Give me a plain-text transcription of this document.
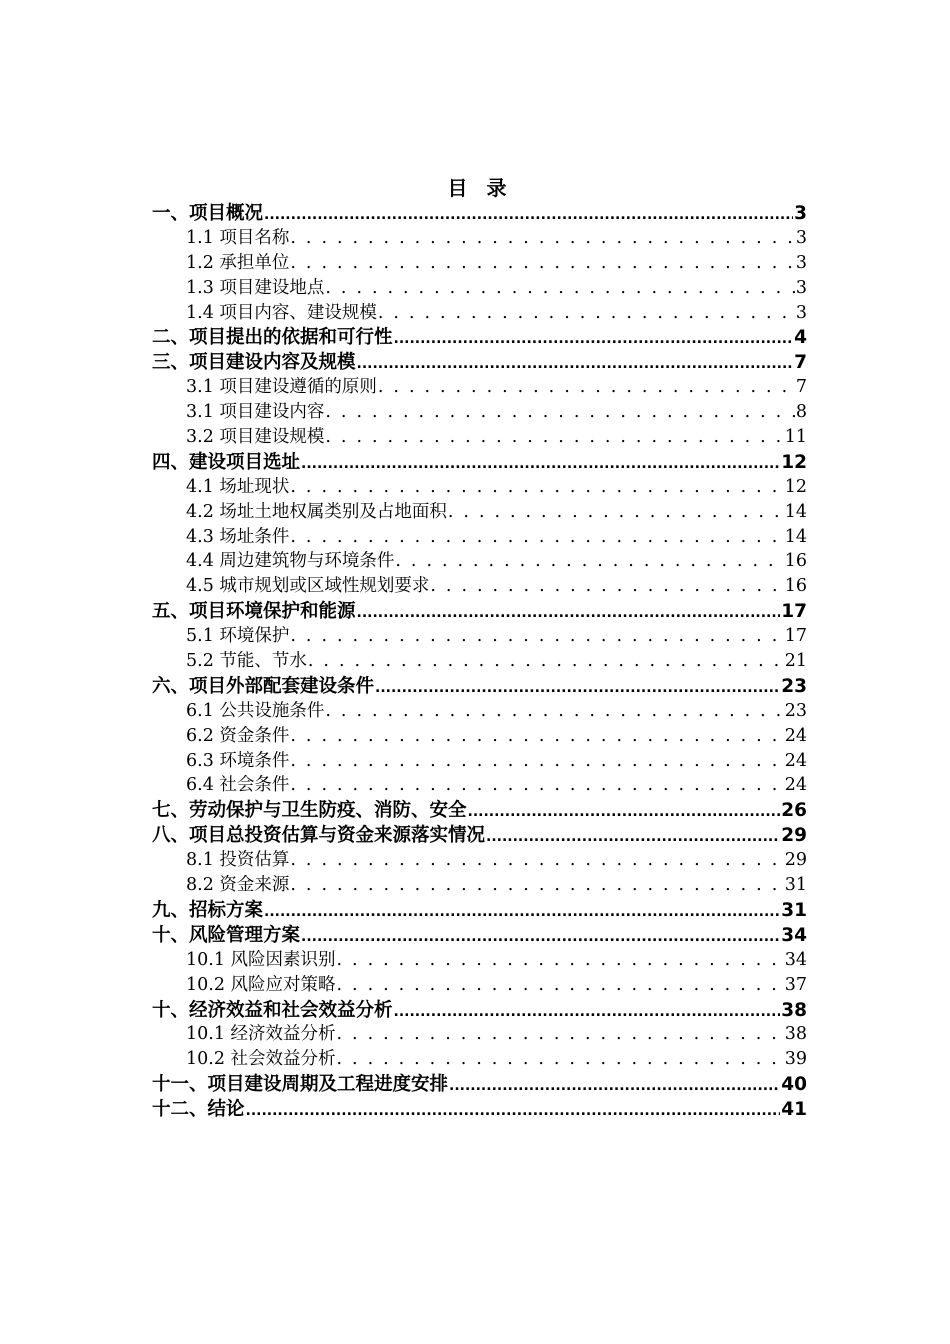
目 录
一、项目概况 .....	3
1.1 项目名称 . . .	3
1.2 承担单位 . . .	3
1.3 项目建设地点 . . .	3
1.4 项目内容、建设规模 . . .	3
二、项目提出的依据和可行性 .....	4
三、项目建设内容及规模 .....	7
3.1 项目建设遵循的原则 . . .	7
3.1 项目建设内容 . . .	8
3.2 项目建设规模 . . .	11
四、建设项目选址 .....	12
4.1 场址现状 . . .	12
4.2 场址土地权属类别及占地面积 . . .	14
4.3 场址条件 . . .	14
4.4 周边建筑物与环境条件 . . .	16
4.5 城市规划或区域性规划要求 . . .	16
五、项目环境保护和能源 .....	17
5.1 环境保护 . . .	17
5.2 节能、节水 . . .	21
六、项目外部配套建设条件 .....	23
6.1 公共设施条件 . . .	23
6.2 资金条件 . . .	24
6.3 环境条件 . . .	24
6.4 社会条件 . . .	24
七、劳动保护与卫生防疫、消防、安全 .....	26
八、项目总投资估算与资金来源落实情况 .....	29
8.1 投资估算 . . .	29
8.2 资金来源 . . .	31
九、招标方案 .....	31
十、风险管理方案 .....	34
10.1 风险因素识别 . . .	34
10.2 风险应对策略 . . .	37
十、经济效益和社会效益分析 .....	38
10.1 经济效益分析 . . .	38
10.2 社会效益分析 . . .	39
十一、项目建设周期及工程进度安排 .....	40
十二、结论 .....	41
